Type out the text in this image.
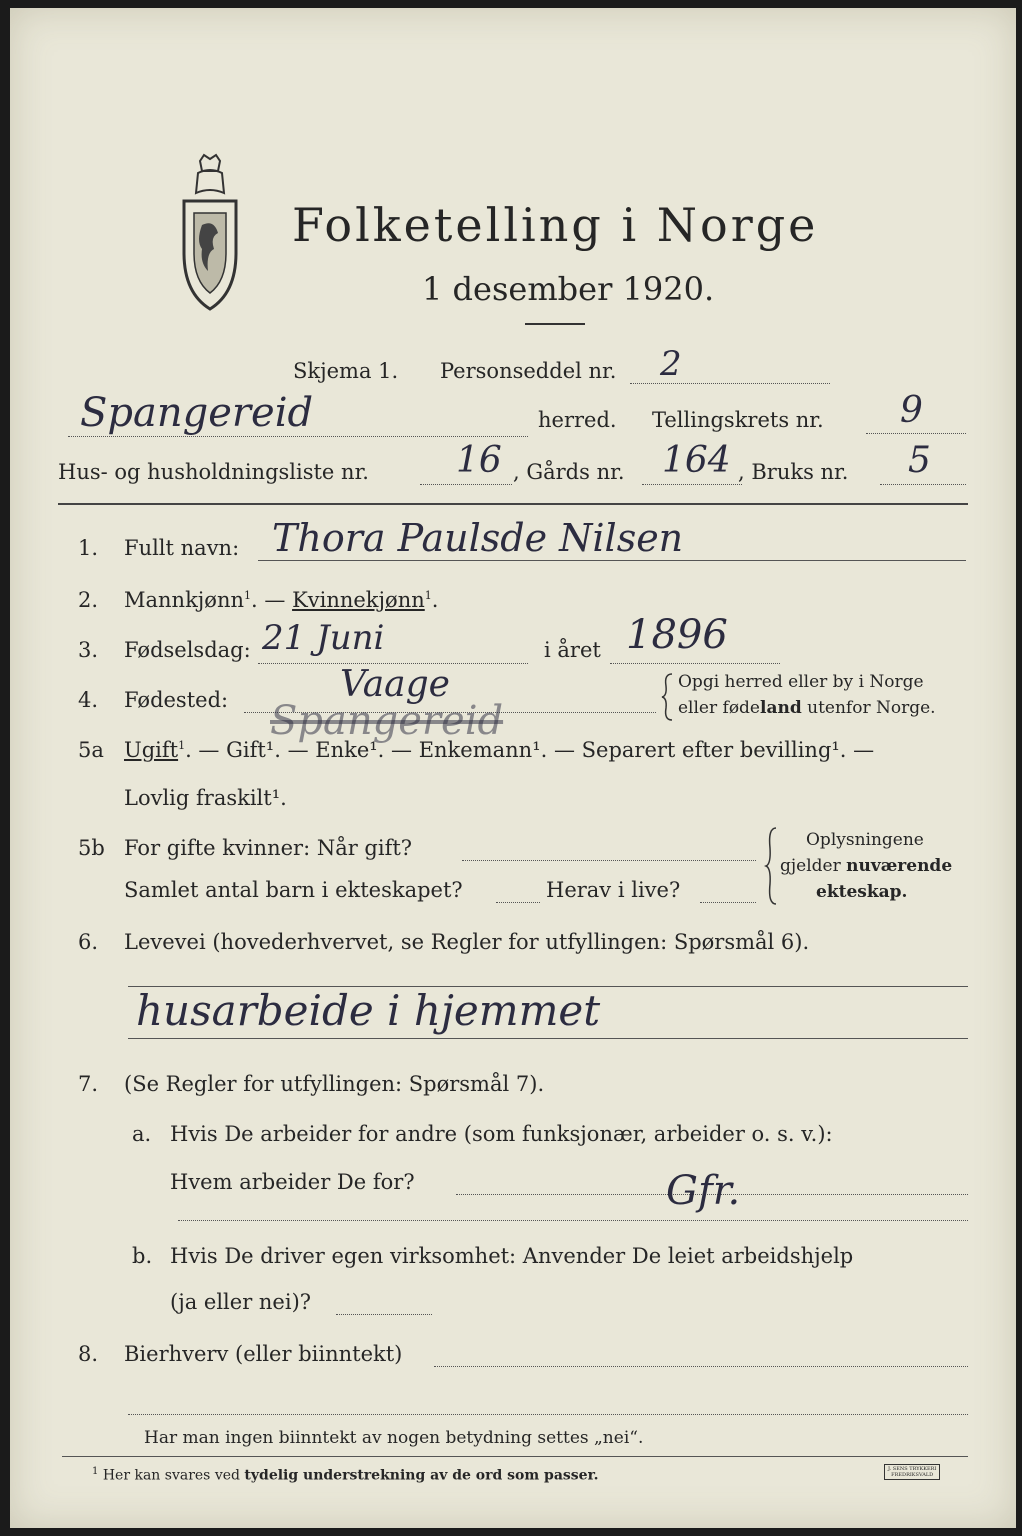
Folketelling i Norge
1 desember 1920.
Skjema 1. Personseddel nr. 2
Spangereid	herred. Tellingskrets nr. 9
Hus- og husholdningsliste nr. 16 , Gårds nr. 164 , Bruks nr. 5
1. Fullt navn: Thora Paulsde Nilsen
2. Mannkjønn$^1$. — Kvinnekjønn$^1$.
3. Fødselsdag: 21 Juni	i året 1896
4. Fødested:	Vaage
Spangereid
Opgi herred eller by i Norge
eller fødeland utenfor Norge.
5a Ugift$^1$. — Gift¹. — Enke¹. — Enkemann¹. — Separert efter bevilling¹. —
Lovlig fraskilt¹.
5b For gifte kvinner: Når gift?
Samlet antal barn i ekteskapet?	Herav i live?
Oplysningene
gjelder nuværende
ekteskap.
6. Levevei (hovederhvervet, se Regler for utfyllingen: Spørsmål 6).
husarbeide i hjemmet
7. (Se Regler for utfyllingen: Spørsmål 7).
a. Hvis De arbeider for andre (som funksjonær, arbeider o. s. v.):
Hvem arbeider De for?	Gfr.
b. Hvis De driver egen virksomhet: Anvender De leiet arbeidshjelp
(ja eller nei)?
8. Bierhverv (eller biinntekt)
Har man ingen biinntekt av nogen betydning settes „nei“.
$^1$ Her kan svares ved tydelig understrekning av de ord som passer.	J. SENS TRYKKERI
FREDRIKSVALD
